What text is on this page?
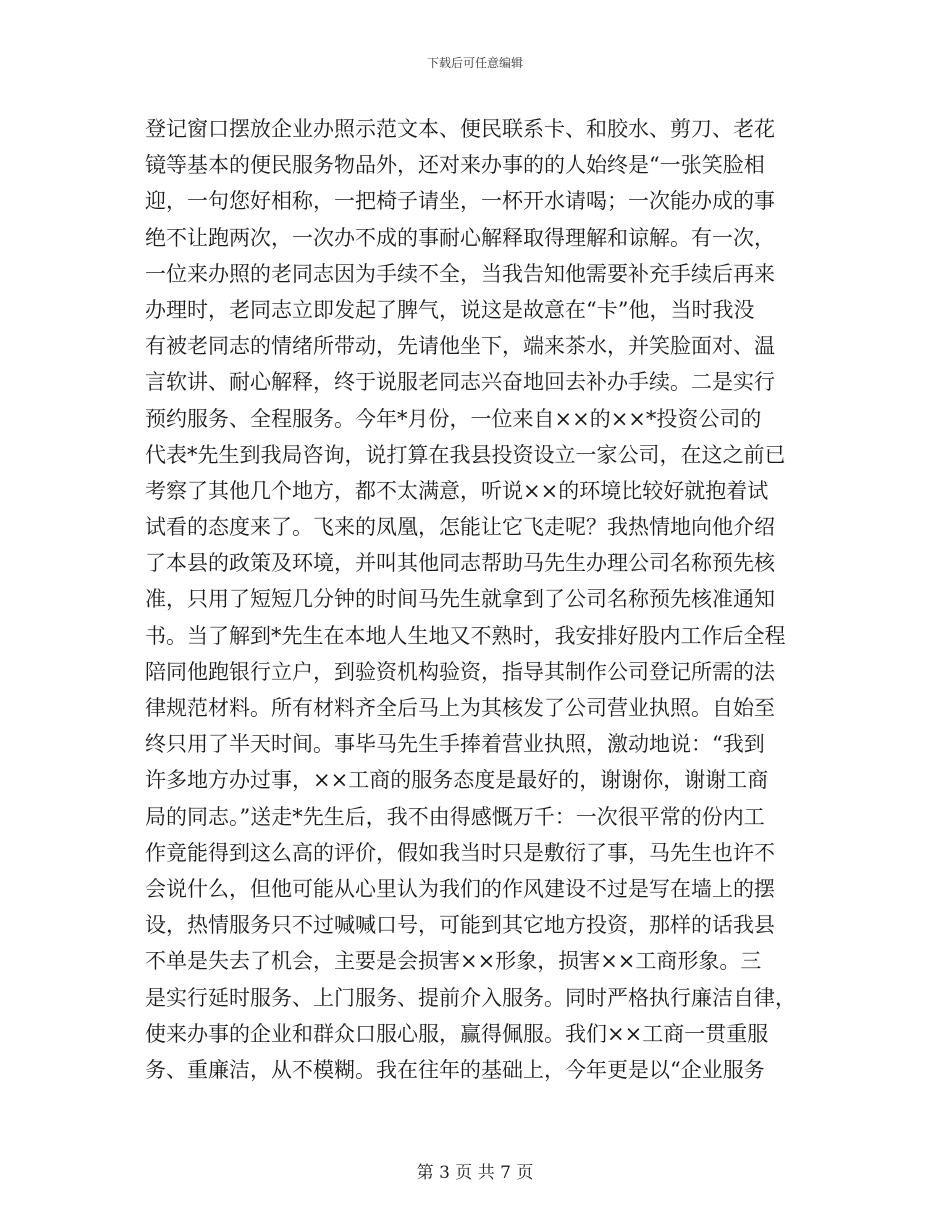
下载后可任意编辑
登记窗口摆放企业办照示范文本、便民联系卡、和胶水、剪刀、老花
镜等基本的便民服务物品外，还对来办事的的人始终是“一张笑脸相
迎，一句您好相称，一把椅子请坐，一杯开水请喝；一次能办成的事
绝不让跑两次，一次办不成的事耐心解释取得理解和谅解。有一次，
一位来办照的老同志因为手续不全，当我告知他需要补充手续后再来
办理时，老同志立即发起了脾气，说这是故意在“卡”他，当时我没
有被老同志的情绪所带动，先请他坐下，端来茶水，并笑脸面对、温
言软讲、耐心解释，终于说服老同志兴奋地回去补办手续。二是实行
预约服务、全程服务。今年*月份，一位来自××的××*投资公司的
代表*先生到我局咨询，说打算在我县投资设立一家公司，在这之前已
考察了其他几个地方，都不太满意，听说××的环境比较好就抱着试
试看的态度来了。飞来的凤凰，怎能让它飞走呢？我热情地向他介绍
了本县的政策及环境，并叫其他同志帮助马先生办理公司名称预先核
准，只用了短短几分钟的时间马先生就拿到了公司名称预先核准通知
书。当了解到*先生在本地人生地又不熟时，我安排好股内工作后全程
陪同他跑银行立户，到验资机构验资，指导其制作公司登记所需的法
律规范材料。所有材料齐全后马上为其核发了公司营业执照。自始至
终只用了半天时间。事毕马先生手捧着营业执照，激动地说：“我到
许多地方办过事，××工商的服务态度是最好的，谢谢你，谢谢工商
局的同志。”送走*先生后，我不由得感慨万千：一次很平常的份内工
作竟能得到这么高的评价，假如我当时只是敷衍了事，马先生也许不
会说什么，但他可能从心里认为我们的作风建设不过是写在墙上的摆
设，热情服务只不过喊喊口号，可能到其它地方投资，那样的话我县
不单是失去了机会，主要是会损害××形象，损害××工商形象。三
是实行延时服务、上门服务、提前介入服务。同时严格执行廉洁自律，
使来办事的企业和群众口服心服，赢得佩服。我们××工商一贯重服
务、重廉洁，从不模糊。我在往年的基础上，今年更是以“企业服务
第 3 页 共 7 页
